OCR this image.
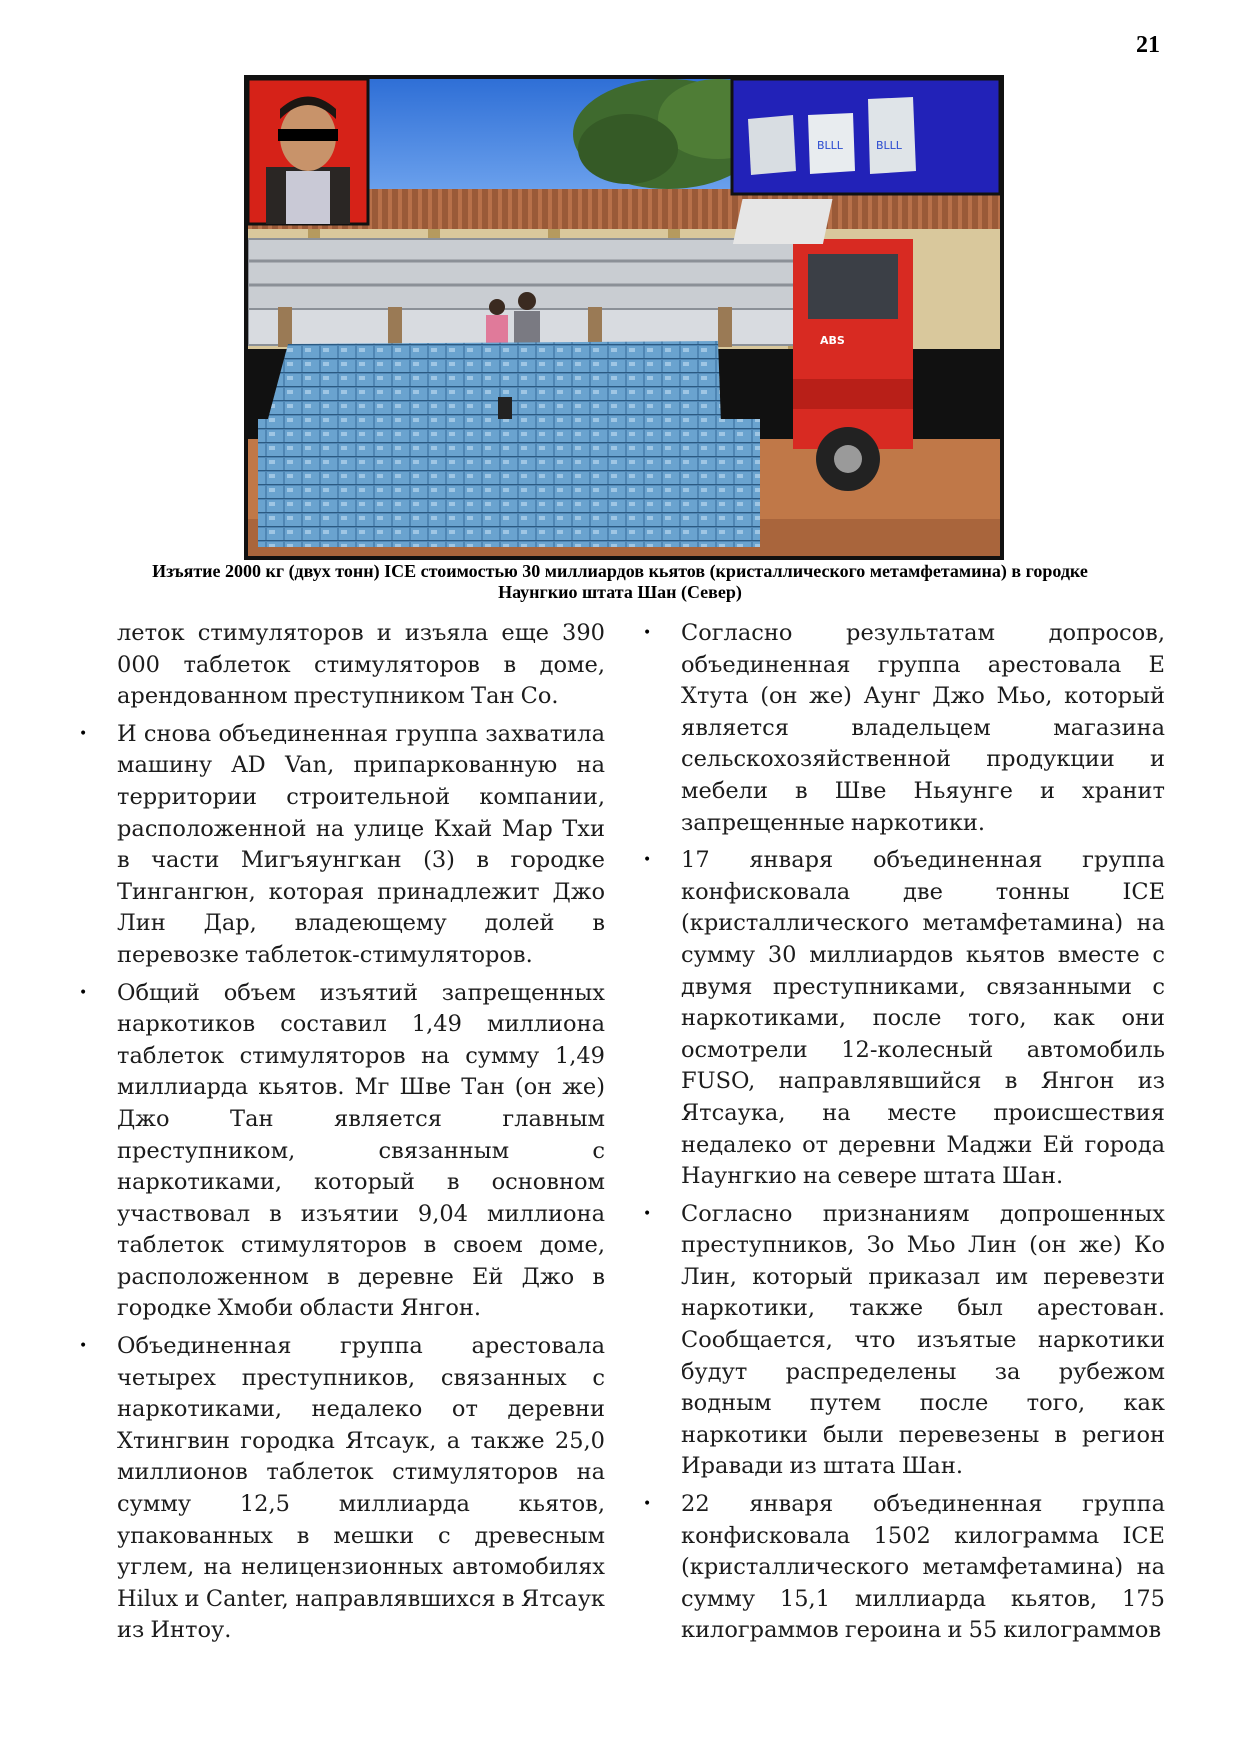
21
ABS
BLLL	BLLL
Изъятие 2000 кг (двух тонн) ICE стоимостью 30 миллиардов кьятов (кристаллического метамфетамина) в городке Наунгкио штата Шан (Север)

леток стимуляторов и изъяла еще 390 000 таблеток стимуляторов в доме, арендованном преступником Тан Со.

• И снова объединенная группа захватила машину AD Van, припаркованную на территории строительной компании, расположенной на улице Кхай Мар Тхи в части Мигъяунгкан (3) в городке Тингангюн, которая принадлежит Джо Лин Дар, владеющему долей в перевозке таблеток-стимуляторов.
• Общий объем изъятий запрещенных наркотиков составил 1,49 миллиона таблеток стимуляторов на сумму 1,49 миллиарда кьятов. Мг Шве Тан (он же) Джо Тан является главным преступником, связанным с наркотиками, который в основном участвовал в изъятии 9,04 миллиона таблеток стимуляторов в своем доме, расположенном в деревне Ей Джо в городке Хмоби области Янгон.
• Объединенная группа арестовала четырех преступников, связанных с наркотиками, недалеко от деревни Хтингвин городка Ятсаук, а также 25,0 миллионов таблеток стимуляторов на сумму 12,5 миллиарда кьятов, упакованных в мешки с древесным углем, на нелицензионных автомобилях Hilux и Canter, направлявшихся в Ятсаук из Интоу.
• Согласно результатам допросов, объединенная группа арестовала Е Хтута (он же) Аунг Джо Мьо, который является владельцем магазина сельскохозяйственной продукции и мебели в Шве Ньяунге и хранит запрещенные наркотики.
• 17 января объединенная группа конфисковала две тонны ICE (кристаллического метамфетамина) на сумму 30 миллиардов кьятов вместе с двумя преступниками, связанными с наркотиками, после того, как они осмотрели 12-колесный автомобиль FUSO, направлявшийся в Янгон из Ятсаука, на месте происшествия недалеко от деревни Маджи Ей города Наунгкио на севере штата Шан.
• Согласно признаниям допрошенных преступников, Зо Мьо Лин (он же) Ко Лин, который приказал им перевезти наркотики, также был арестован. Сообщается, что изъятые наркотики будут распределены за рубежом водным путем после того, как наркотики были перевезены в регион Иравади из штата Шан.
• 22 января объединенная группа конфисковала 1502 килограмма ICE (кристаллического метамфетамина) на сумму 15,1 миллиарда кьятов, 175 килограммов героина и 55 килограммов
